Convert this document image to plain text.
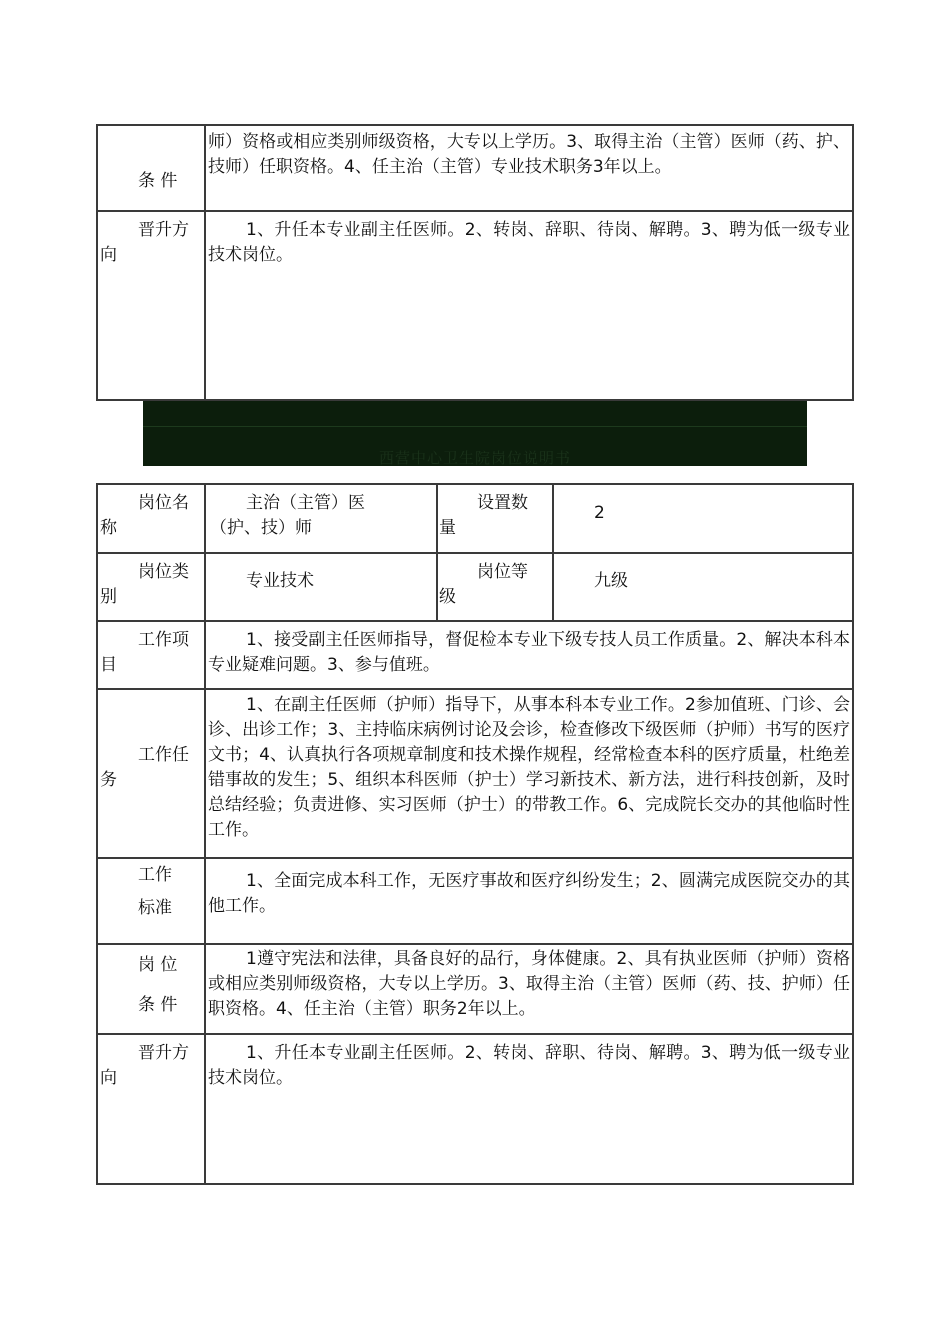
条 件
师）资格或相应类别师级资格，大专以上学历。3、取得主治（主管）医师（药、护、技师）任职资格。4、任主治（主管）专业技术职务3年以上。
晋升方
向
1、升任本专业副主任医师。2、转岗、辞职、待岗、解聘。3、聘为低一级专业技术岗位。
西营中心卫生院岗位说明书
岗位名
称
主治（主管）医
（护、技）师
设置数
量
2
岗位类
别
专业技术	岗位等
级
九级
工作项
目
1、接受副主任医师指导，督促检本专业下级专技人员工作质量。2、解决本科本专业疑难问题。3、参与值班。
工作任
务
1、在副主任医师（护师）指导下，从事本科本专业工作。2参加值班、门诊、会诊、出诊工作；3、主持临床病例讨论及会诊，检查修改下级医师（护师）书写的医疗文书；4、认真执行各项规章制度和技术操作规程，经常检查本科的医疗质量，杜绝差错事故的发生；5、组织本科医师（护士）学习新技术、新方法，进行科技创新，及时总结经验；负责进修、实习医师（护士）的带教工作。6、完成院长交办的其他临时性工作。
工作
标准
1、全面完成本科工作，无医疗事故和医疗纠纷发生；2、圆满完成医院交办的其他工作。
岗 位
条 件
1遵守宪法和法律，具备良好的品行，身体健康。2、具有执业医师（护师）资格或相应类别师级资格，大专以上学历。3、取得主治（主管）医师（药、技、护师）任职资格。4、任主治（主管）职务2年以上。
晋升方
向
1、升任本专业副主任医师。2、转岗、辞职、待岗、解聘。3、聘为低一级专业技术岗位。
